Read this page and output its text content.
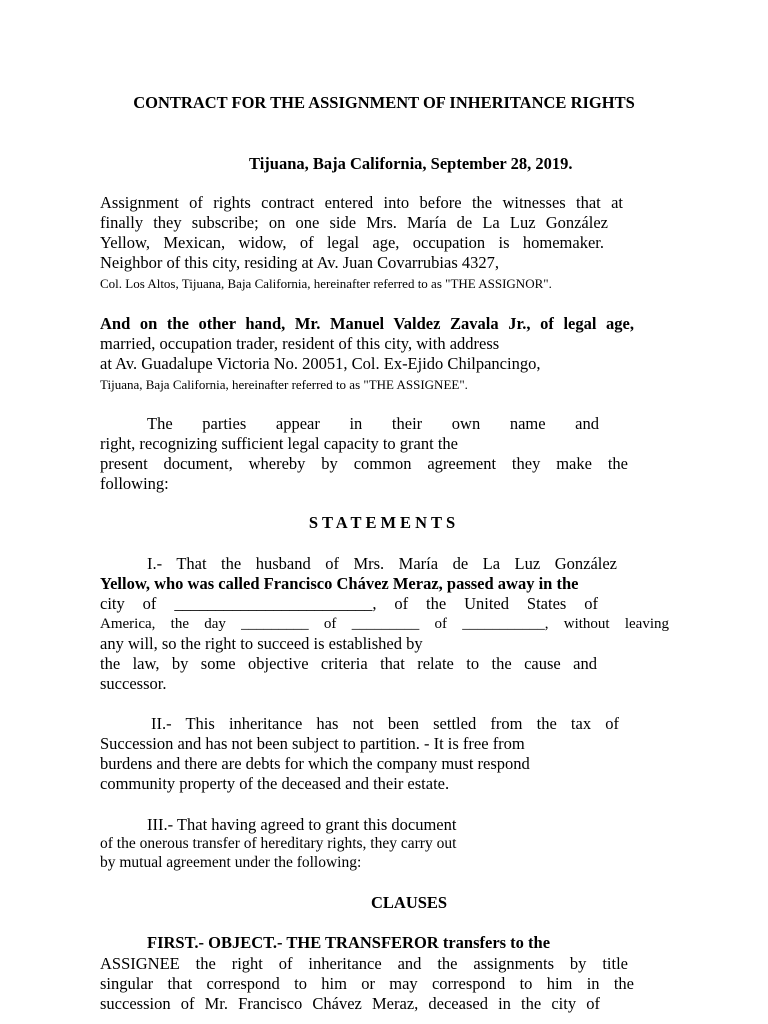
CONTRACT FOR THE ASSIGNMENT OF INHERITANCE RIGHTS

Tijuana, Baja California, September 28, 2019.

Assignment of rights contract entered into before the witnesses that at

finally they subscribe; on one side Mrs. María de La Luz González

Yellow, Mexican, widow, of legal age, occupation is homemaker.

Neighbor of this city, residing at Av. Juan Covarrubias 4327,

Col. Los Altos, Tijuana, Baja California, hereinafter referred to as "THE ASSIGNOR".

And on the other hand, Mr. Manuel Valdez Zavala Jr., of legal age,

married, occupation trader, resident of this city, with address

at Av. Guadalupe Victoria No. 20051, Col. Ex-Ejido Chilpancingo,

Tijuana, Baja California, hereinafter referred to as "THE ASSIGNEE".

The parties appear in their own name and

right, recognizing sufficient legal capacity to grant the

present document, whereby by common agreement they make the

following:

STATEMENTS

I.- That the husband of Mrs. María de La Luz González

Yellow, who was called Francisco Chávez Meraz, passed away in the

city of ________________________, of the United States of

America, the day _________ of _________ of ___________, without leaving

any will, so the right to succeed is established by

the law, by some objective criteria that relate to the cause and

successor.

II.- This inheritance has not been settled from the tax of

Succession and has not been subject to partition. - It is free from

burdens and there are debts for which the company must respond

community property of the deceased and their estate.

III.- That having agreed to grant this document

of the onerous transfer of hereditary rights, they carry out

by mutual agreement under the following:

CLAUSES

FIRST.- OBJECT.- THE TRANSFEROR transfers to the

ASSIGNEE the right of inheritance and the assignments by title

singular that correspond to him or may correspond to him in the

succession of Mr. Francisco Chávez Meraz, deceased in the city of
